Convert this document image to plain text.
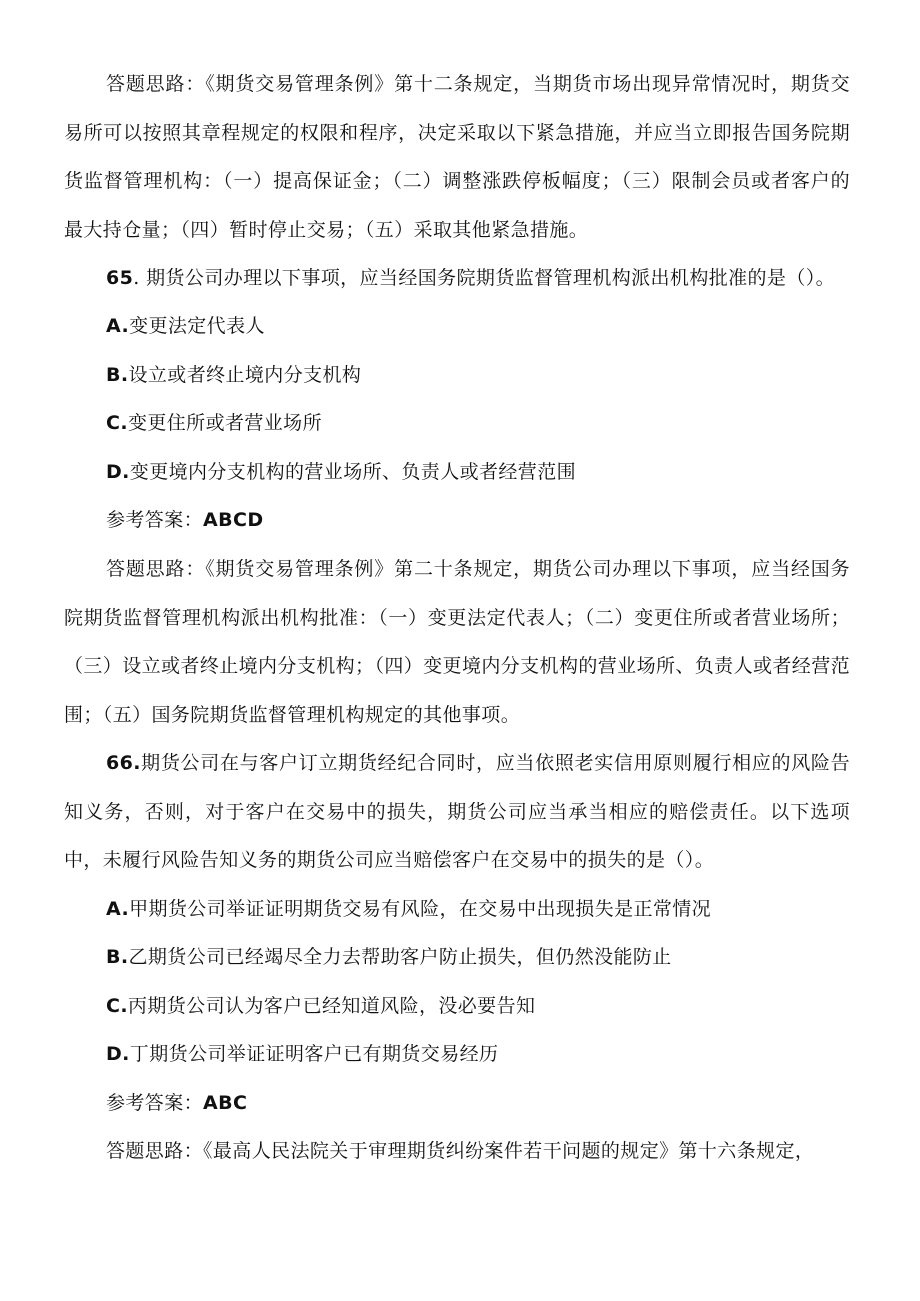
答题思路：《期货交易管理条例》第十二条规定，当期货市场出现异常情况时，期货交易所可以按照其章程规定的权限和程序，决定采取以下紧急措施，并应当立即报告国务院期货监督管理机构：（一）提高保证金；（二）调整涨跌停板幅度；（三）限制会员或者客户的最大持仓量；（四）暂时停止交易；（五）采取其他紧急措施。

65. 期货公司办理以下事项，应当经国务院期货监督管理机构派出机构批准的是（）。

A.变更法定代表人

B.设立或者终止境内分支机构

C.变更住所或者营业场所

D.变更境内分支机构的营业场所、负责人或者经营范围

参考答案：ABCD

答题思路：《期货交易管理条例》第二十条规定，期货公司办理以下事项，应当经国务院期货监督管理机构派出机构批准：（一）变更法定代表人；（二）变更住所或者营业场所；（三）设立或者终止境内分支机构；（四）变更境内分支机构的营业场所、负责人或者经营范围；（五）国务院期货监督管理机构规定的其他事项。

66.期货公司在与客户订立期货经纪合同时，应当依照老实信用原则履行相应的风险告知义务，否则，对于客户在交易中的损失，期货公司应当承当相应的赔偿责任。以下选项中，未履行风险告知义务的期货公司应当赔偿客户在交易中的损失的是（）。

A.甲期货公司举证证明期货交易有风险，在交易中出现损失是正常情况

B.乙期货公司已经竭尽全力去帮助客户防止损失，但仍然没能防止

C.丙期货公司认为客户已经知道风险，没必要告知

D.丁期货公司举证证明客户已有期货交易经历

参考答案：ABC

答题思路：《最高人民法院关于审理期货纠纷案件若干问题的规定》第十六条规定，
